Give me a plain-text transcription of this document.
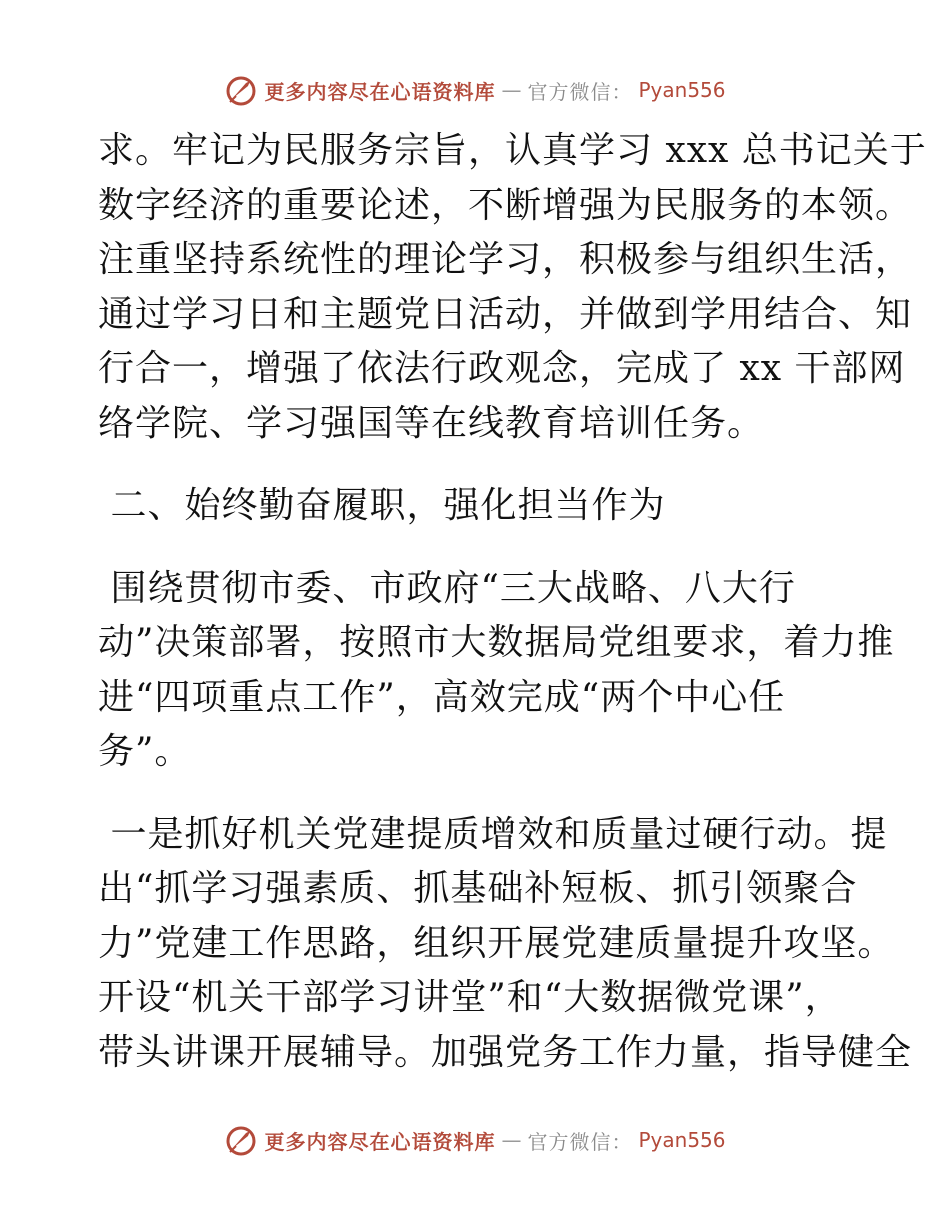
更多内容尽在心语资料库 — 官方微信： Pyan556

求。牢记为民服务宗旨，认真学习 xxx 总书记关于
数字经济的重要论述，不断增强为民服务的本领。
注重坚持系统性的理论学习，积极参与组织生活，
通过学习日和主题党日活动，并做到学用结合、知
行合一，增强了依法行政观念，完成了 xx 干部网
络学院、学习强国等在线教育培训任务。

二、始终勤奋履职，强化担当作为

围绕贯彻市委、市政府“三大战略、八大行
动”决策部署，按照市大数据局党组要求，着力推
进“四项重点工作”，高效完成“两个中心任
务”。

一是抓好机关党建提质增效和质量过硬行动。提
出“抓学习强素质、抓基础补短板、抓引领聚合
力”党建工作思路，组织开展党建质量提升攻坚。
开设“机关干部学习讲堂”和“大数据微党课”，
带头讲课开展辅导。加强党务工作力量，指导健全

更多内容尽在心语资料库 — 官方微信： Pyan556
